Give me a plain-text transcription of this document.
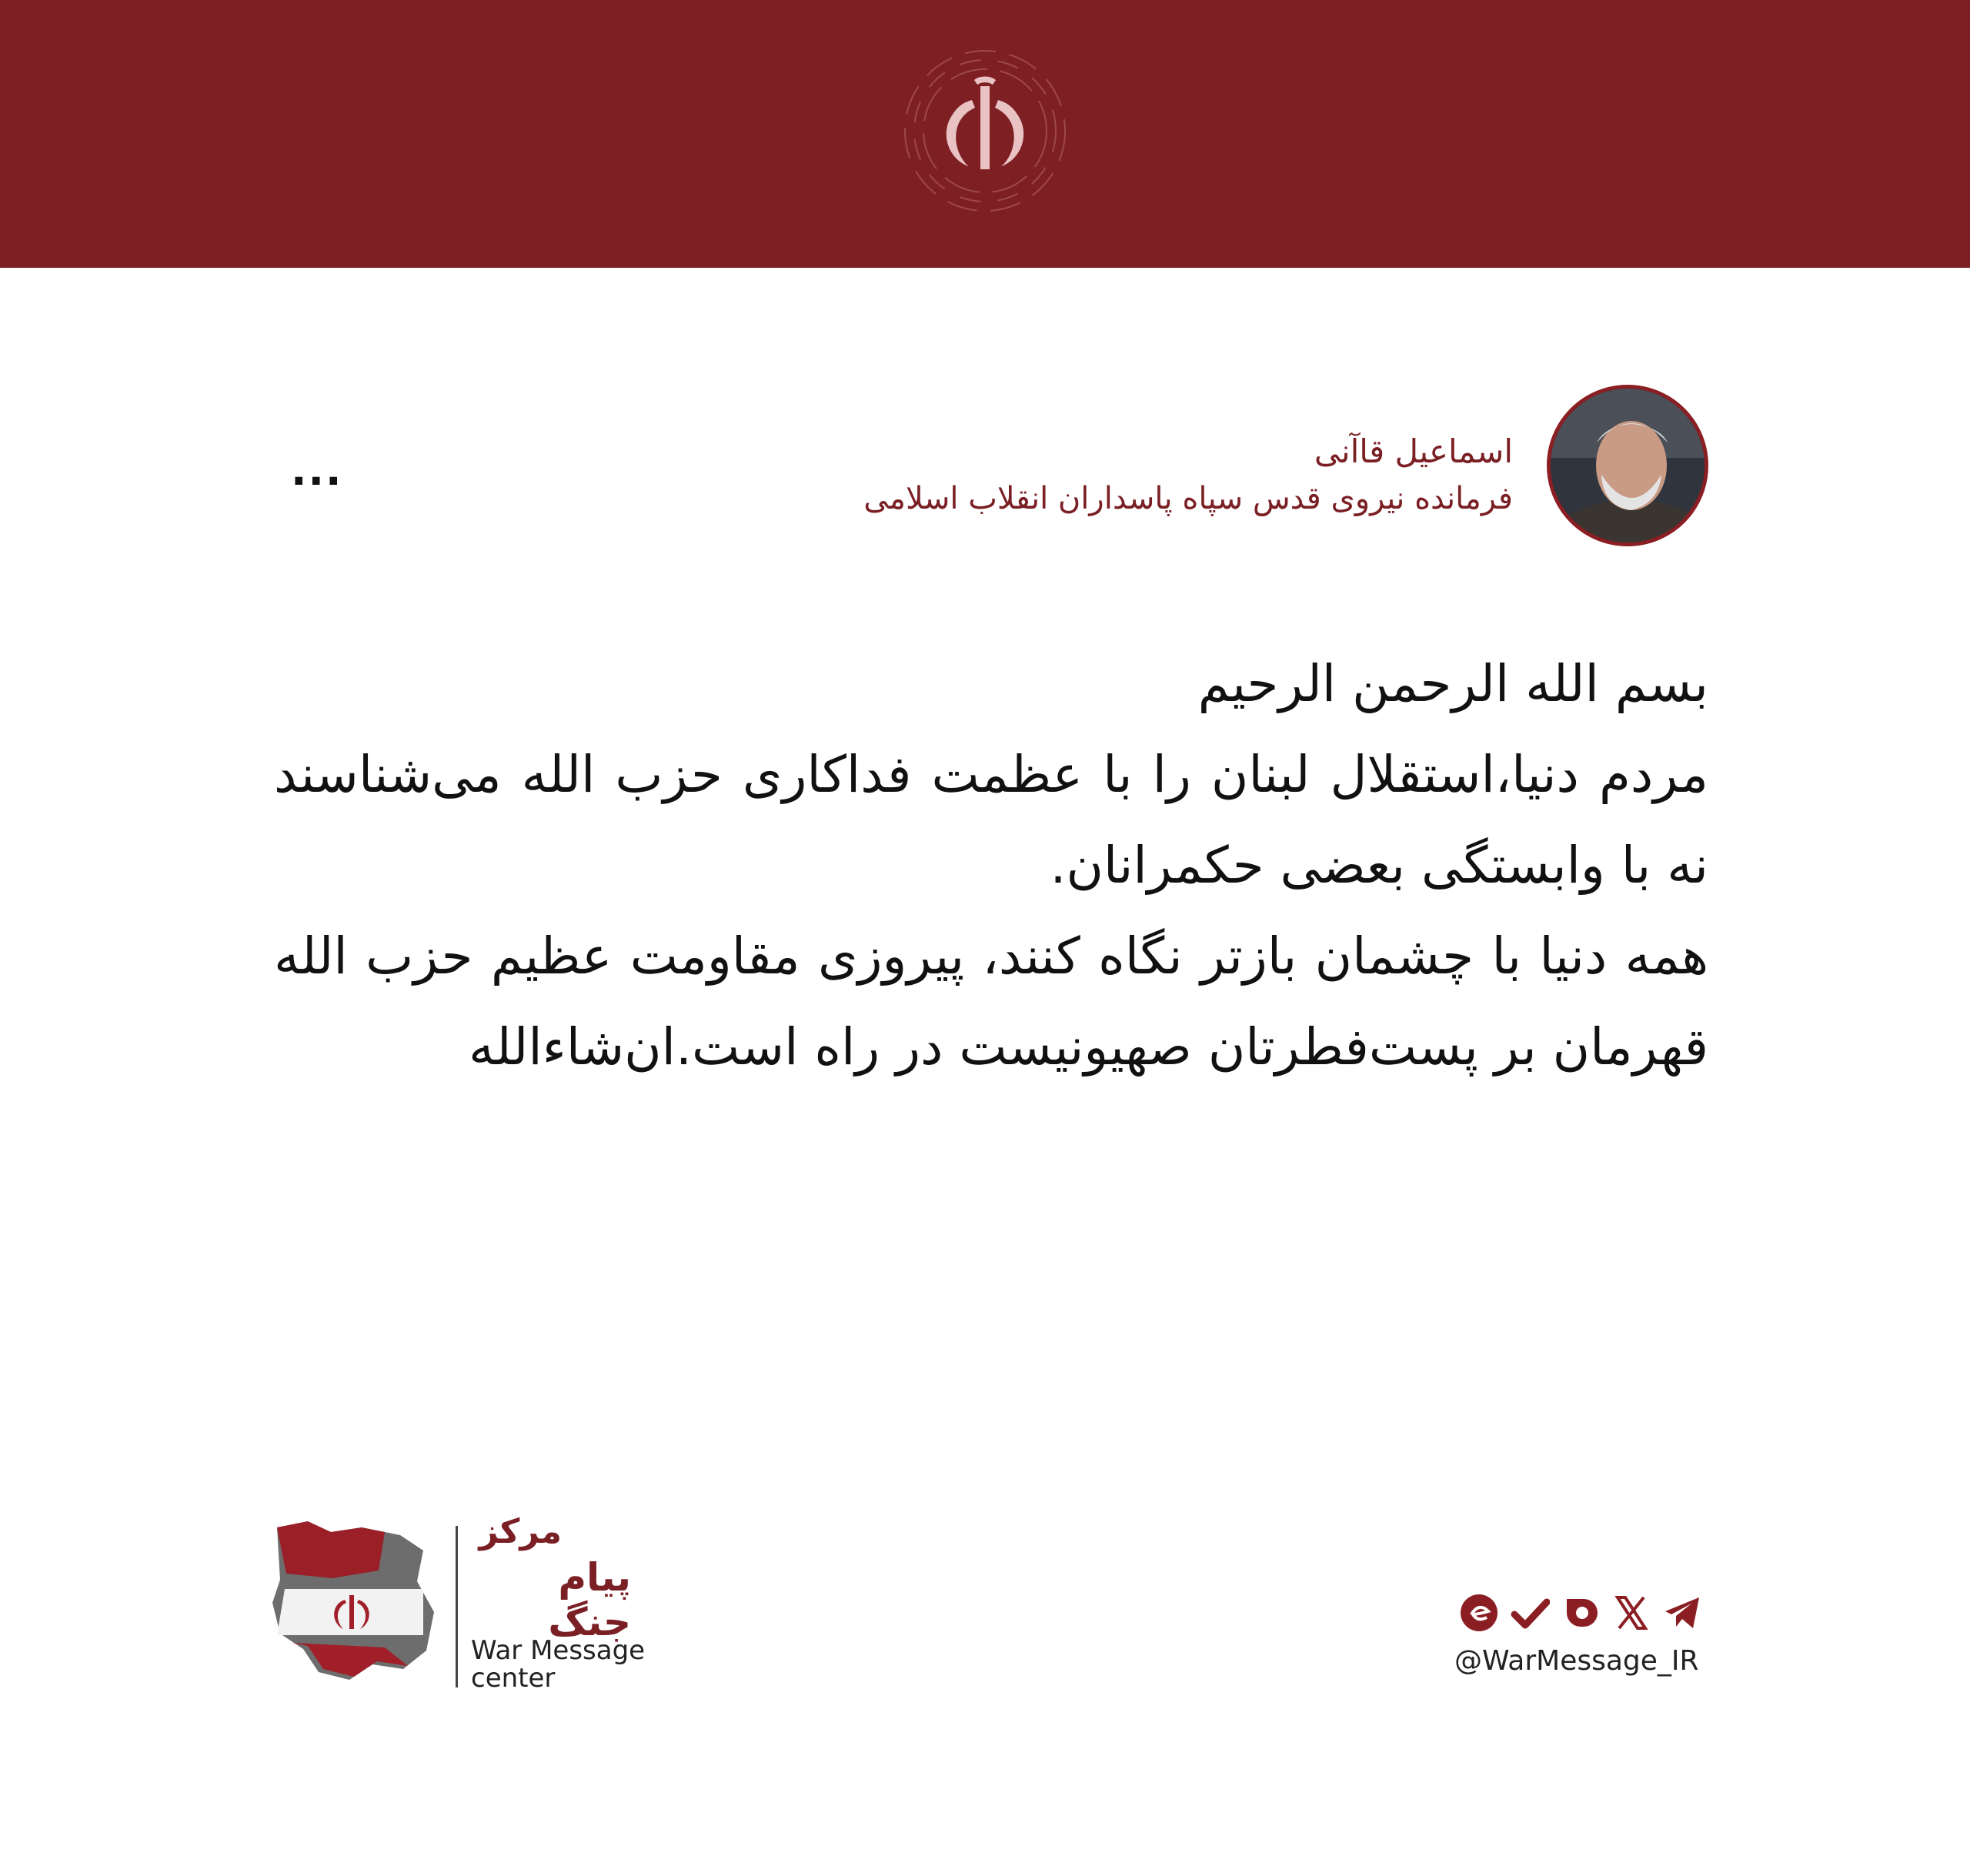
...	اسماعیل قاآنی
فرمانده نیروی قدس سپاه پاسداران انقلاب اسلامی

بسم الله الرحمن الرحیم

مردم دنیا،استقلال لبنان را با عظمت فداکاری حزب الله می‌شناسند نه با وابستگی بعضی حکمرانان.

همه دنیا با چشمان بازتر نگاه کنند، پیروزی مقاومت عظیم حزب الله قهرمان بر پست‌فطرتان صهیونیست در راه است.ان‌شاءالله

مرکز
پیام جنگ
War Message
center
@WarMessage_IR
